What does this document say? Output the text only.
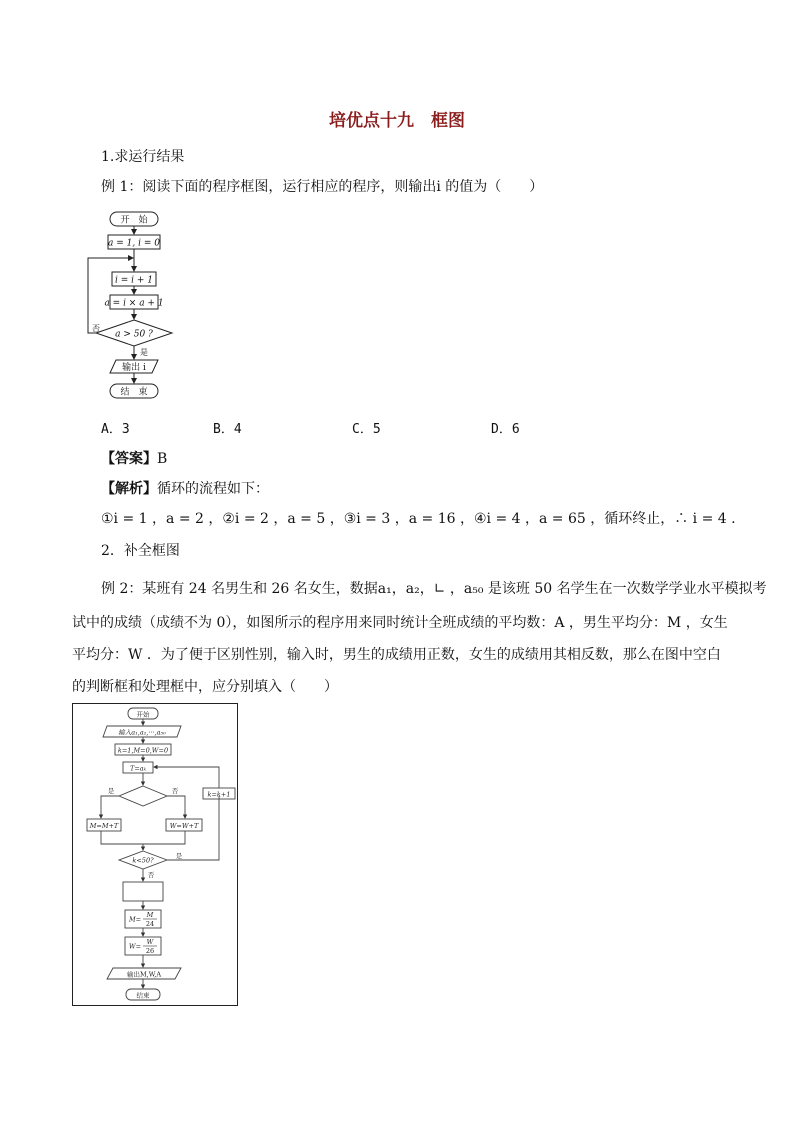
培优点十九　框图
1.求运行结果
例 1：阅读下面的程序框图，运行相应的程序，则输出i 的值为（　　）
开　始
a = 1, i = 0
i = i + 1
a = i × a + 1
a > 50 ?
否
是
输出 i
结　束
A．3	B．4	C．5	D．6
【答案】B
【解析】循环的流程如下：
①i = 1 ，a = 2 ，②i = 2 ，a = 5 ，③i = 3 ，a = 16 ，④i = 4 ，a = 65 ，循环终止，∴ i = 4 .
2．补全框图
例 2：某班有 24 名男生和 26 名女生，数据a₁，a₂，∟ ，a₅₀ 是该班 50 名学生在一次数学学业水平模拟考
试中的成绩（成绩不为 0），如图所示的程序用来同时统计全班成绩的平均数：A ，男生平均分：M ，女生
平均分：W ．为了便于区别性别，输入时，男生的成绩用正数，女生的成绩用其相反数，那么在图中空白
的判断框和处理框中，应分别填入（　　）
开始
输入a₁,a₂,···,a₅₀
k=1,M=0,W=0
T=aₖ
是	否
M=M+T	W=W+T
k=k+1
k<50?
是
否
M=
M
24
W=
W
26
输出M,W,A
结束
